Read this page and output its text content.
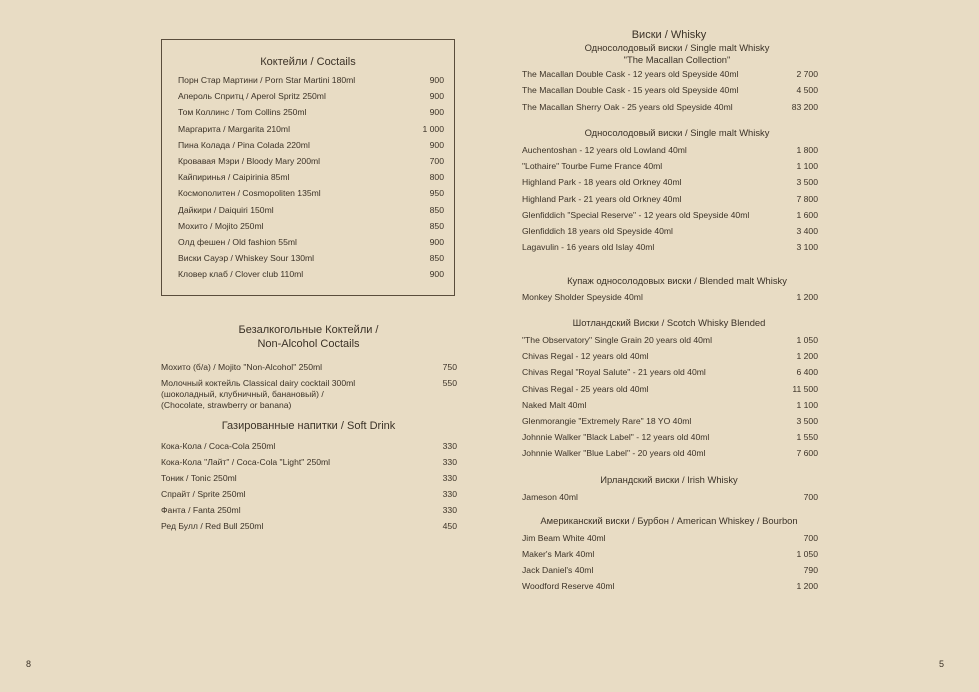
Коктейли / Coctails
Безалкогольные Коктейли /
Non-Alcohol Coctails
Газированные напитки / Soft Drink
8
Виски / Whisky
Односолодовый виски / Single malt Whisky
"The Macallan Collection"
Односолодовый виски / Single malt Whisky
Купаж односолодовых виски / Blended malt Whisky
Шотландский Виски / Scotch Whisky Blended
Ирландский виски / Irish Whisky
Американский виски / Бурбон / American Whiskey / Bourbon
5
Порн Стар Мартини / Porn Star Martini 180ml	900
Апероль Спритц / Aperol Spritz 250ml	900
Том Коллинс / Tom Collins 250ml	900
Маргарита / Margarita 210ml	1 000
Пина Колада / Pina Colada 220ml	900
Кровавая Мэри / Bloody Mary 200ml	700
Кайпиринья / Caipirinia 85ml	800
Космополитен / Cosmopoliten 135ml	950
Дайкири / Daiquiri 150ml	850
Мохито / Mojito 250ml	850
Олд фешен / Old fashion 55ml	900
Виски Сауэр / Whiskey Sour 130ml	850
Кловер клаб / Clover club 110ml	900
Мохито (б/а) / Mojito "Non-Alcohol" 250ml	750
Молочный коктейль Classical dairy cocktail 300ml
(шоколадный, клубничный, банановый) /
(Chocolate, strawberry or banana)
550
Кока-Кола / Coca-Cola 250ml	330
Кока-Кола "Лайт" / Coca-Cola "Light" 250ml	330
Тоник / Tonic 250ml	330
Спрайт / Sprite 250ml	330
Фанта / Fanta 250ml	330
Ред Булл / Red Bull 250ml	450
The Macallan Double Cask - 12 years old Speyside 40ml	2 700
The Macallan Double Cask - 15 years old Speyside 40ml	4 500
The Macallan Sherry Oak - 25 years old Speyside 40ml	83 200
Auchentoshan - 12 years old Lowland 40ml	1 800
"Lothaire" Tourbe Fume France 40ml	1 100
Highland Park - 18 years old Orkney 40ml	3 500
Highland Park - 21 years old Orkney 40ml	7 800
Glenfiddich "Special Reserve" - 12 years old Speyside 40ml	1 600
Glenfiddich 18 years old Speyside 40ml	3 400
Lagavulin - 16 years old Islay 40ml	3 100
Monkey Sholder Speyside 40ml	1 200
"The Observatory" Single Grain 20 years old 40ml	1 050
Chivas Regal - 12 years old 40ml	1 200
Chivas Regal "Royal Salute" - 21 years old 40ml	6 400
Chivas Regal - 25 years old 40ml	11 500
Naked Malt 40ml	1 100
Glenmorangie "Extremely Rare" 18 YO 40ml	3 500
Johnnie Walker "Black Label" - 12 years old 40ml	1 550
Johnnie Walker "Blue Label" - 20 years old 40ml	7 600
Jameson 40ml	700
Jim Beam White 40ml	700
Maker's Mark 40ml	1 050
Jack Daniel's 40ml	790
Woodford Reserve 40ml	1 200
